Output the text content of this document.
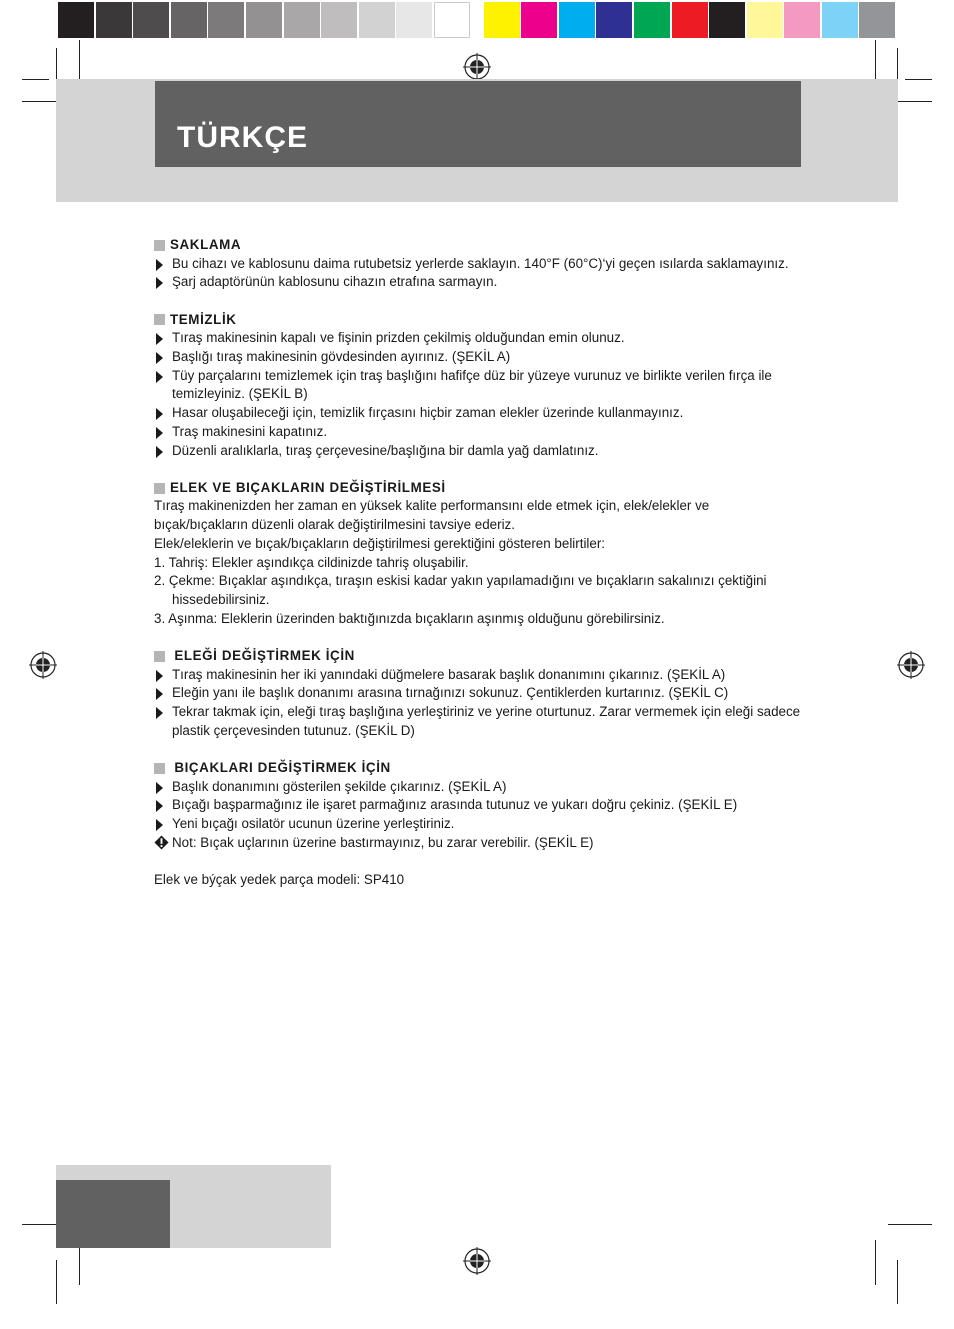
TÜRKÇE

SAKLAMA

Bu cihazı ve kablosunu daima rutubetsiz yerlerde saklayın. 140°F (60°C)‘yi geçen ısılarda saklamayınız.
Şarj adaptörünün kablosunu cihazın etrafına sarmayın.

TEMİZLİK

Tıraş makinesinin kapalı ve fişinin prizden çekilmiş olduğundan emin olunuz.
Başlığı tıraş makinesinin gövdesinden ayırınız. (ŞEKİL A)
Tüy parçalarını temizlemek için traş başlığını hafifçe düz bir yüzeye vurunuz ve birlikte verilen fırça ile temizleyiniz. (ŞEKİL B)
Hasar oluşabileceği için, temizlik fırçasını hiçbir zaman elekler üzerinde kullanmayınız.
Traş makinesini kapatınız.
Düzenli aralıklarla, tıraş çerçevesine/başlığına bir damla yağ damlatınız.

ELEK VE BIÇAKLARIN DEĞİŞTİRİLMESİ

Tıraş makinenizden her zaman en yüksek kalite performansını elde etmek için, elek/elekler ve bıçak/bıçakların düzenli olarak değiştirilmesini tavsiye ederiz.

Elek/eleklerin ve bıçak/bıçakların değiştirilmesi gerektiğini gösteren belirtiler:

1. Tahriş: Elekler aşındıkça cildinizde tahriş oluşabilir.
2. Çekme: Bıçaklar aşındıkça, tıraşın eskisi kadar yakın yapılamadığını ve bıçakların sakalınızı çektiğini hissedebilirsiniz.
3. Aşınma: Eleklerin üzerinden baktığınızda bıçakların aşınmış olduğunu görebilirsiniz.

ELEĞİ DEĞİŞTİRMEK İÇİN

Tıraş makinesinin her iki yanındaki düğmelere basarak başlık donanımını çıkarınız. (ŞEKİL A)
Eleğin yanı ile başlık donanımı arasına tırnağınızı sokunuz. Çentiklerden kurtarınız. (ŞEKİL C)
Tekrar takmak için, eleği tıraş başlığına yerleştiriniz ve yerine oturtunuz. Zarar vermemek için eleği sadece plastik çerçevesinden tutunuz. (ŞEKİL D)

BIÇAKLARI DEĞİŞTİRMEK İÇİN

Başlık donanımını gösterilen şekilde çıkarınız. (ŞEKİL A)
Bıçağı başparmağınız ile işaret parmağınız arasında tutunuz ve yukarı doğru çekiniz. (ŞEKİL E)
Yeni bıçağı osilatör ucunun üzerine yerleştiriniz.
Not: Bıçak uçlarının üzerine bastırmayınız, bu zarar verebilir. (ŞEKİL E)

Elek ve býçak yedek parça modeli: SP410
